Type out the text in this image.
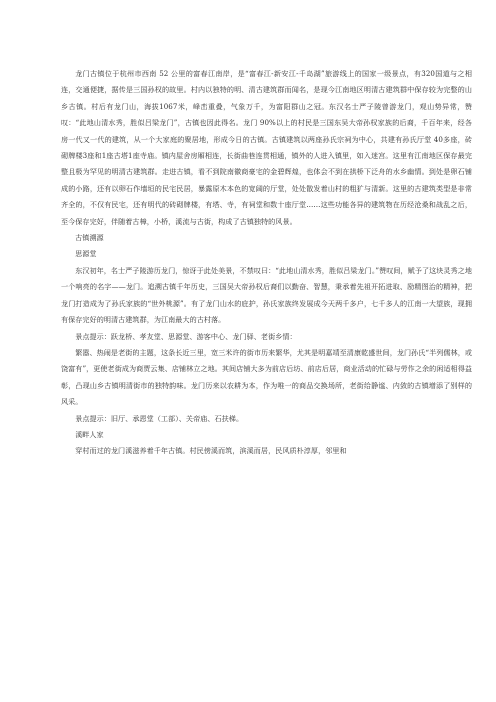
龙门古镇位于杭州市西南 52 公里的富春江南岸，是“富春江-新安江-千岛湖”旅游线上的国家一级景点，有320国道与之相连，交通便捷，据传是三国孙权的故里。村内以独特的明、清古建筑群而闻名，是现今江南地区明清古建筑群中保存较为完整的山乡古镇。村后有龙门山，海拔1067米，峰峦重叠，气象万千，为富阳群山之冠。东汉名士严子陵曾游龙门，观山势异常，赞叹：“此地山清水秀，胜似吕梁龙门”，古镇也因此得名。龙门 90%以上的村民是三国东吴大帝孙权家族的后裔，千百年来，经各房一代又一代的建筑，从一个大家庭的聚居地，形成今日的古镇。古镇建筑以两座孙氏宗祠为中心，共建有孙氏厅堂 40多座，砖砌牌楼3座和1座古塔1座寺庙。镇内屋舍房厢相连，长街曲巷连贯相通，镇外的人进入镇里，如入迷宫。这里有江南地区保存最完整且极为罕见的明清古建筑群。走进古镇，看不到院南徽商豪宅的金碧辉煌，也体会不到在拱桥下泛舟的水乡幽情。到处是卵石铺成的小路，还有以卵石作墙垣的民宅民居，暴露原木本色的宽阔的厅堂，处处散发着山村的粗犷与清新。这里的古建筑类型是非常齐全的，不仅有民宅，还有明代的砖砌牌楼，有塔、寺，有祠堂和数十座厅堂……这些功能各异的建筑物在历经沧桑和战乱之后，至今保存完好，伴随着古樟，小桥，溪流与古街，构成了古镇独特的风景。

古镇溯源

思源堂

东汉初年，名士严子陵游历龙门，惊讶于此处美景，不禁叹曰：“此地山清水秀，胜似吕梁龙门。”赞叹间，赋予了这块灵秀之地一个响亮的名字——龙门。追溯古镇千年历史，三国吴大帝孙权后裔们以勤奋、智慧，秉承着先祖开拓进取、励精图治的精神，把龙门打造成为了孙氏家族的“世外桃源”。有了龙门山水的庇护，孙氏家族终发展成今天两千多户，七千多人的江南一大望族，现拥有保存完好的明清古建筑群，为江南最大的古村落。

景点提示：跃龙桥、孝友堂、思源堂、游客中心、龙门驿、老街乡情：

繁嚣、热闹是老街的主题，这条长近三里，宽三米许的街市历来繁华，尤其是明嘉靖至清康乾盛世间，龙门孙氏“半列儒林，或饶富有”，更使老街成为商贾云集、店铺林立之地。其间店铺大多为前店后坊、前店后居，商业活动的忙碌与劳作之余的闲适相得益彰，凸现山乡古镇明清街市的独特韵味。龙门历来以农耕为本，作为唯一的商品交换场所，老街给静谧、内敛的古镇增添了别样的风采。

景点提示：旧厅、承恩堂（工部）、关帝庙、石扶梯。

溪畔人家

穿村而过的龙门溪滋养着千年古镇。村民傍溪而筑，滨溪而居，民风质朴淳厚，邻里和
